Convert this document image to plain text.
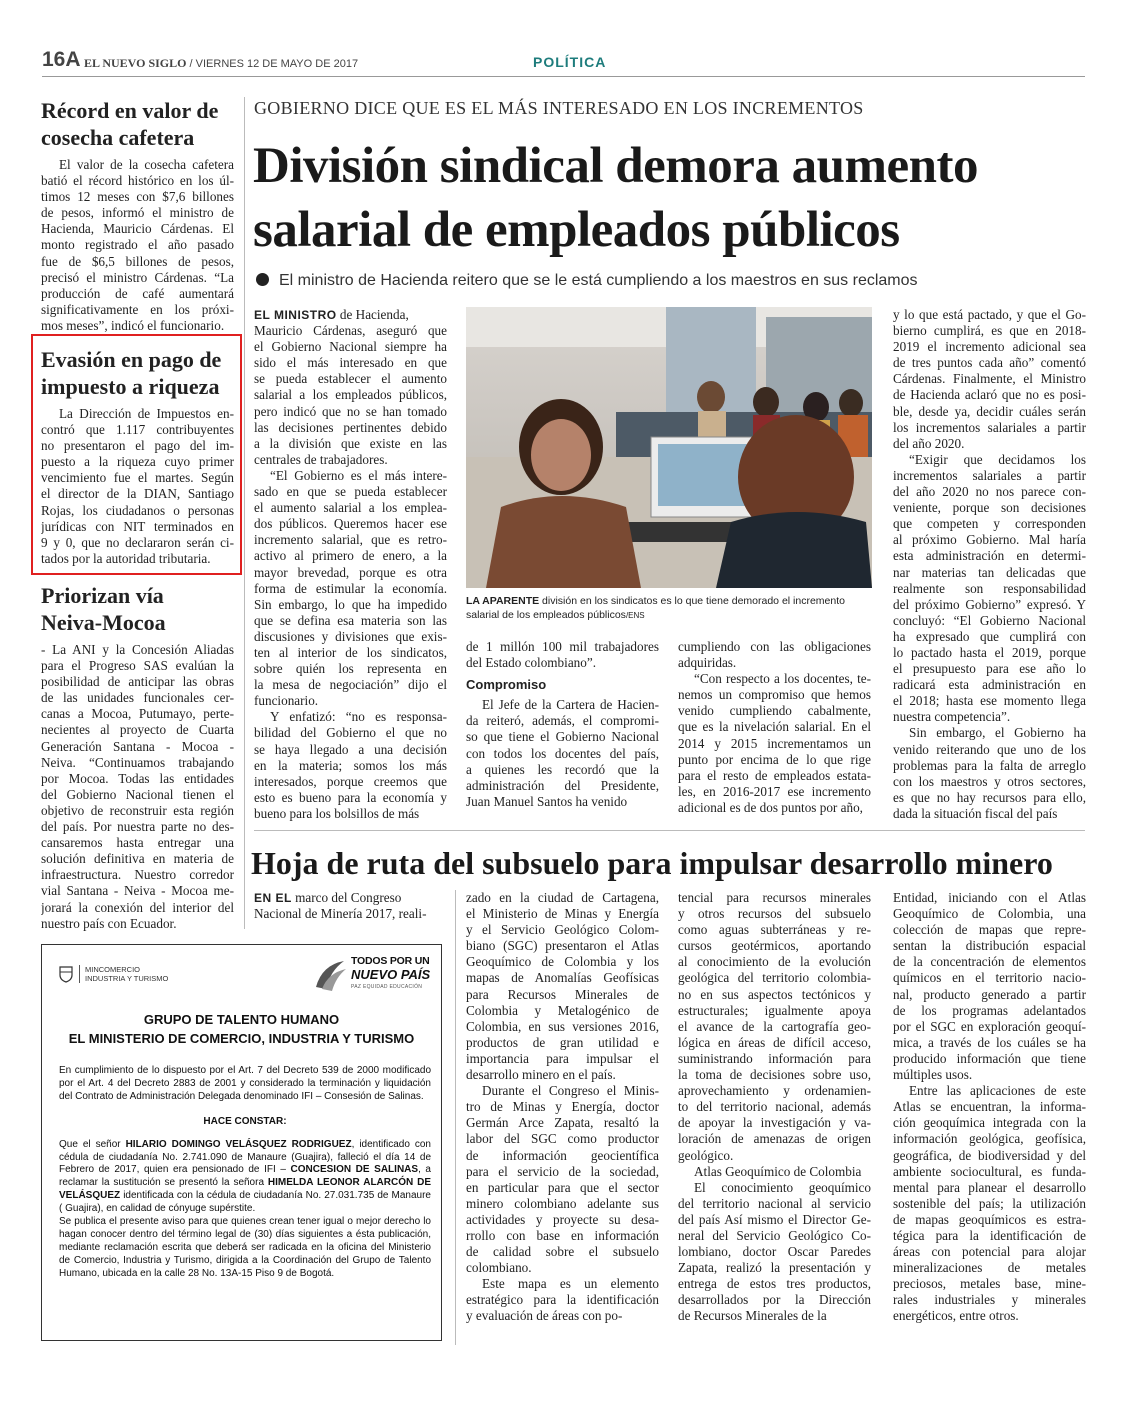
16A EL NUEVO SIGLO / VIERNES 12 DE MAYO DE 2017	POLÍTICA
Récord en valor de
cosecha cafetera
El valor de la cosecha cafetera
batió el récord histórico en los úl-
timos 12 meses con $7,6 billones
de pesos, informó el ministro de
Hacienda, Mauricio Cárdenas. El
monto registrado el año pasado
fue de $6,5 billones de pesos,
precisó el ministro Cárdenas. “La
producción de café aumentará
significativamente en los próxi-
mos meses”, indicó el funcionario.
Evasión en pago de
impuesto a riqueza
La Dirección de Impuestos en-
contró que 1.117 contribuyentes
no presentaron el pago del im-
puesto a la riqueza cuyo primer
vencimiento fue el martes. Según
el director de la DIAN, Santiago
Rojas, los ciudadanos o personas
jurídicas con NIT terminados en
9 y 0, que no declararon serán ci-
tados por la autoridad tributaria.
Priorizan vía
Neiva-Mocoa
- La ANI y la Concesión Aliadas
para el Progreso SAS evalúan la
posibilidad de anticipar las obras
de las unidades funcionales cer-
canas a Mocoa, Putumayo, perte-
necientes al proyecto de Cuarta
Generación Santana - Mocoa -
Neiva. “Continuamos trabajando
por Mocoa. Todas las entidades
del Gobierno Nacional tienen el
objetivo de reconstruir esta región
del país. Por nuestra parte no des-
cansaremos hasta entregar una
solución definitiva en materia de
infraestructura. Nuestro corredor
vial Santana - Neiva - Mocoa me-
jorará la conexión del interior del
nuestro país con Ecuador.
GOBIERNO DICE QUE ES EL MÁS INTERESADO EN LOS INCREMENTOS
División sindical demora aumento
salarial de empleados públicos
El ministro de Hacienda reitero que se le está cumpliendo a los maestros en sus reclamos
EL MINISTRO de Hacienda,
Mauricio Cárdenas, aseguró que
el Gobierno Nacional siempre ha
sido el más interesado en que
se pueda establecer el aumento
salarial a los empleados públicos,
pero indicó que no se han tomado
las decisiones pertinentes debido
a la división que existe en las
centrales de trabajadores.
“El Gobierno es el más intere-
sado en que se pueda establecer
el aumento salarial a los emplea-
dos públicos. Queremos hacer ese
incremento salarial, que es retro-
activo al primero de enero, a la
mayor brevedad, porque es otra
forma de estimular la economía.
Sin embargo, lo que ha impedido
que se defina esa materia son las
discusiones y divisiones que exis-
ten al interior de los sindicatos,
sobre quién los representa en
la mesa de negociación” dijo el
funcionario.
Y enfatizó: “no es responsa-
bilidad del Gobierno el que no
se haya llegado a una decisión
en la materia; somos los más
interesados, porque creemos que
esto es bueno para la economía y
bueno para los bolsillos de más
LA APARENTE división en los sindicatos es lo que tiene demorado el incremento salarial de los empleados públicos/ENS
de 1 millón 100 mil trabajadores
del Estado colombiano”.
Compromiso
El Jefe de la Cartera de Hacien-
da reiteró, además, el compromi-
so que tiene el Gobierno Nacional
con todos los docentes del país,
a quienes les recordó que la
administración del Presidente,
Juan Manuel Santos ha venido
cumpliendo con las obligaciones
adquiridas.
“Con respecto a los docentes, te-
nemos un compromiso que hemos
venido cumpliendo cabalmente,
que es la nivelación salarial. En el
2014 y 2015 incrementamos un
punto por encima de lo que rige
para el resto de empleados estata-
les, en 2016-2017 ese incremento
adicional es de dos puntos por año,
y lo que está pactado, y que el Go-
bierno cumplirá, es que en 2018-
2019 el incremento adicional sea
de tres puntos cada año” comentó
Cárdenas. Finalmente, el Ministro
de Hacienda aclaró que no es posi-
ble, desde ya, decidir cuáles serán
los incrementos salariales a partir
del año 2020.
“Exigir que decidamos los
incrementos salariales a partir
del año 2020 no nos parece con-
veniente, porque son decisiones
que competen y corresponden
al próximo Gobierno. Mal haría
esta administración en determi-
nar materias tan delicadas que
realmente son responsabilidad
del próximo Gobierno” expresó. Y
concluyó: “El Gobierno Nacional
ha expresado que cumplirá con
lo pactado hasta el 2019, porque
el presupuesto para ese año lo
radicará esta administración en
el 2018; hasta ese momento llega
nuestra competencia”.
Sin embargo, el Gobierno ha
venido reiterando que uno de los
problemas para la falta de arreglo
con los maestros y otros sectores,
es que no hay recursos para ello,
dada la situación fiscal del país
Hoja de ruta del subsuelo para impulsar desarrollo minero
EN EL marco del Congreso
Nacional de Minería 2017, reali-
zado en la ciudad de Cartagena,
el Ministerio de Minas y Energía
y el Servicio Geológico Colom-
biano (SGC) presentaron el Atlas
Geoquímico de Colombia y los
mapas de Anomalías Geofísicas
para Recursos Minerales de
Colombia y Metalogénico de
Colombia, en sus versiones 2016,
productos de gran utilidad e
importancia para impulsar el
desarrollo minero en el país.
Durante el Congreso el Minis-
tro de Minas y Energía, doctor
Germán Arce Zapata, resaltó la
labor del SGC como productor
de información geocientífica
para el servicio de la sociedad,
en particular para que el sector
minero colombiano adelante sus
actividades y proyecte su desa-
rrollo con base en información
de calidad sobre el subsuelo
colombiano.
Este mapa es un elemento
estratégico para la identificación
y evaluación de áreas con po-
tencial para recursos minerales
y otros recursos del subsuelo
como aguas subterráneas y re-
cursos geotérmicos, aportando
al conocimiento de la evolución
geológica del territorio colombia-
no en sus aspectos tectónicos y
estructurales; igualmente apoya
el avance de la cartografía geo-
lógica en áreas de difícil acceso,
suministrando información para
la toma de decisiones sobre uso,
aprovechamiento y ordenamien-
to del territorio nacional, además
de apoyar la investigación y va-
loración de amenazas de origen
geológico.
Atlas Geoquímico de Colombia
El conocimiento geoquímico
del territorio nacional al servicio
del país Así mismo el Director Ge-
neral del Servicio Geológico Co-
lombiano, doctor Oscar Paredes
Zapata, realizó la presentación y
entrega de estos tres productos,
desarrollados por la Dirección
de Recursos Minerales de la
Entidad, iniciando con el Atlas
Geoquímico de Colombia, una
colección de mapas que repre-
sentan la distribución espacial
de la concentración de elementos
químicos en el territorio nacio-
nal, producto generado a partir
de los programas adelantados
por el SGC en exploración geoquí-
mica, a través de los cuáles se ha
producido información que tiene
múltiples usos.
Entre las aplicaciones de este
Atlas se encuentran, la informa-
ción geoquímica integrada con la
información geológica, geofísica,
geográfica, de biodiversidad y del
ambiente sociocultural, es funda-
mental para planear el desarrollo
sostenible del país; la utilización
de mapas geoquímicos es estra-
tégica para la identificación de
áreas con potencial para alojar
mineralizaciones de metales
preciosos, metales base, mine-
rales industriales y minerales
energéticos, entre otros.
MINCOMERCIO
INDUSTRIA Y TURISMO
TODOS POR UN
NUEVO PAÍS
PAZ EQUIDAD EDUCACIÓN
GRUPO DE TALENTO HUMANO
EL MINISTERIO DE COMERCIO, INDUSTRIA Y TURISMO

En cumplimiento de lo dispuesto por el Art. 7 del Decreto 539 de 2000 modificado por el Art. 4 del Decreto 2883 de 2001 y considerado la terminación y liquidación del Contrato de Administración Delegada denominado IFI – Consesión de Salinas.

HACE CONSTAR:

Que el señor HILARIO DOMINGO VELÁSQUEZ RODRIGUEZ, identificado con cédula de ciudadanía No. 2.741.090 de Manaure (Guajira), falleció el día 14 de Febrero de 2017, quien era pensionado de IFI – CONCESION DE SALINAS, a reclamar la sustitución se presentó la señora HIMELDA LEONOR ALARCÓN DE VELÁSQUEZ identificada con la cédula de ciudadanía No. 27.031.735 de Manaure ( Guajira), en calidad de cónyuge supérstite.

Se publica el presente aviso para que quienes crean tener igual o mejor derecho lo hagan conocer dentro del término legal de (30) días siguientes a ésta publicación, mediante reclamación escrita que deberá ser radicada en la oficina del Ministerio de Comercio, Industria y Turismo, dirigida a la Coordinación del Grupo de Talento Humano, ubicada en la calle 28 No. 13A-15 Piso 9 de Bogotá.
